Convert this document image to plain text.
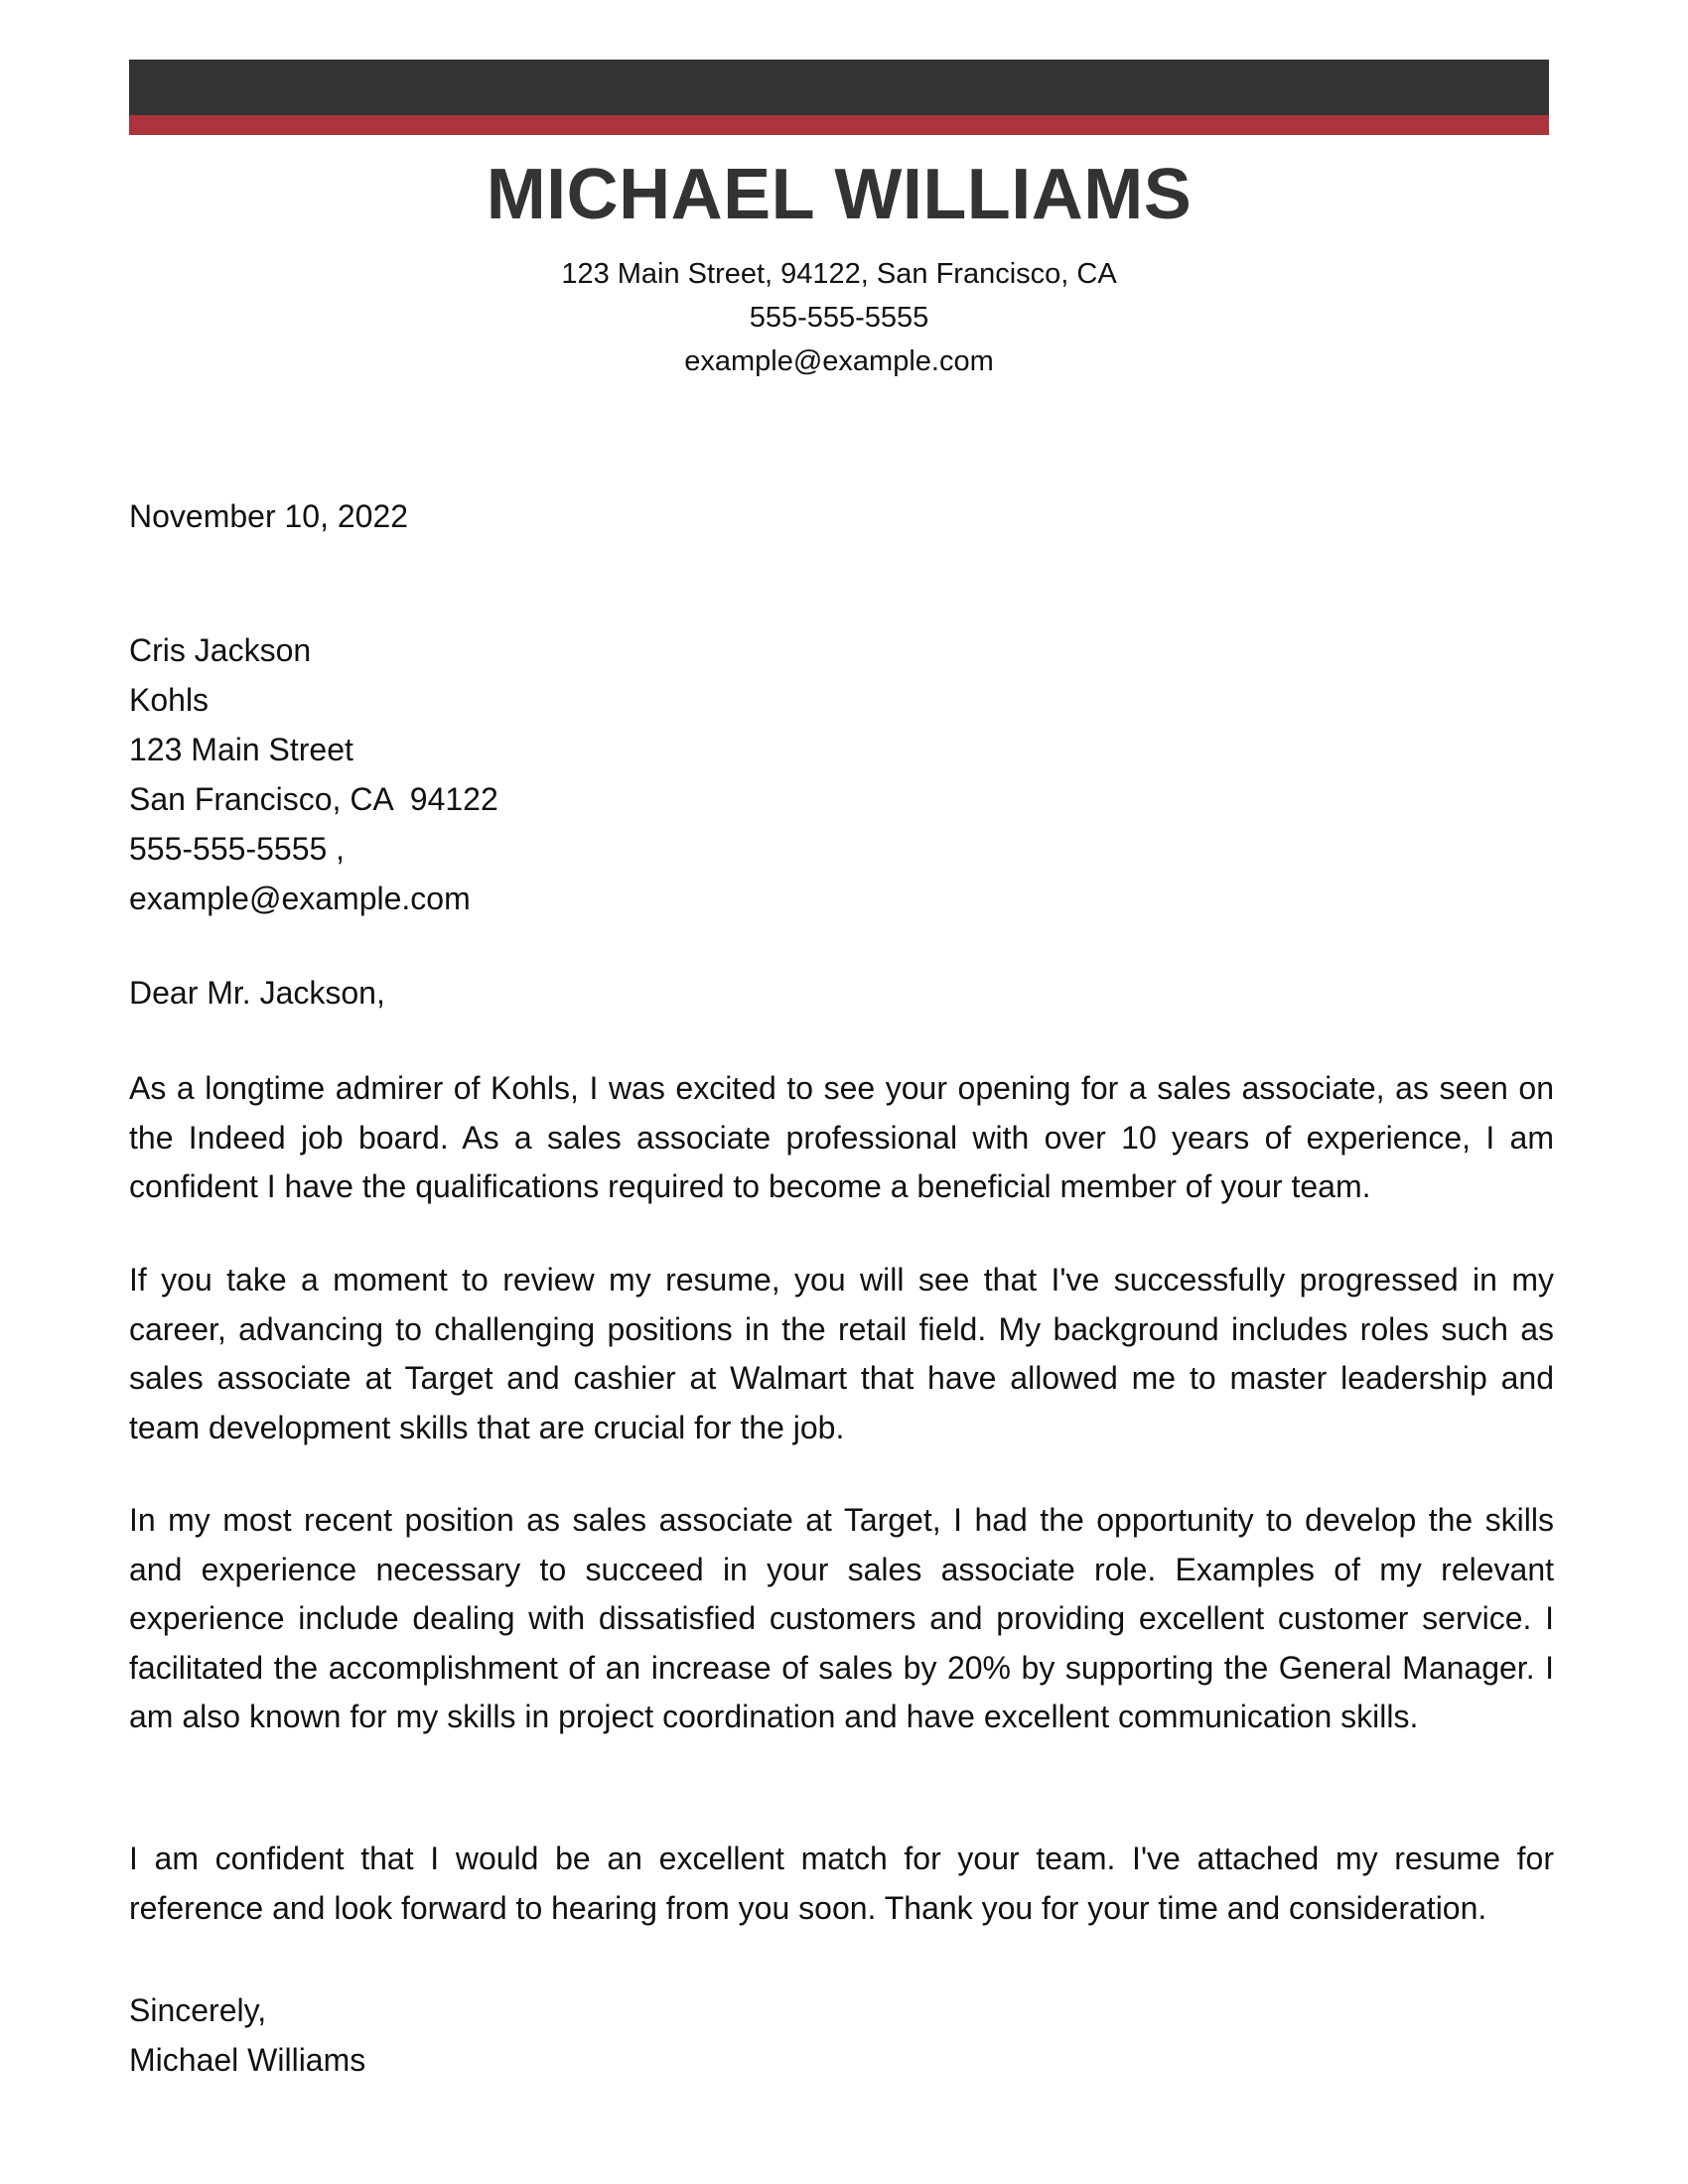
MICHAEL WILLIAMS
123 Main Street, 94122, San Francisco, CA
555-555-5555
example@example.com
November 10, 2022
Cris Jackson
Kohls
123 Main Street
San Francisco, CA  94122
555-555-5555 ,
example@example.com
Dear Mr. Jackson,

As a longtime admirer of Kohls, I was excited to see your opening for a sales associate, as seen on the Indeed job board. As a sales associate professional with over 10 years of experience, I am confident I have the qualifications required to become a beneficial member of your team.

If you take a moment to review my resume, you will see that I've successfully progressed in my career, advancing to challenging positions in the retail field. My background includes roles such as sales associate at Target and cashier at Walmart that have allowed me to master leadership and team development skills that are crucial for the job.

In my most recent position as sales associate at Target, I had the opportunity to develop the skills and experience necessary to succeed in your sales associate role. Examples of my relevant experience include dealing with dissatisfied customers and providing excellent customer service. I facilitated the accomplishment of an increase of sales by 20% by supporting the General Manager. I am also known for my skills in project coordination and have excellent communication skills.

I am confident that I would be an excellent match for your team. I've attached my resume for reference and look forward to hearing from you soon. Thank you for your time and consideration.

Sincerely,
Michael Williams
